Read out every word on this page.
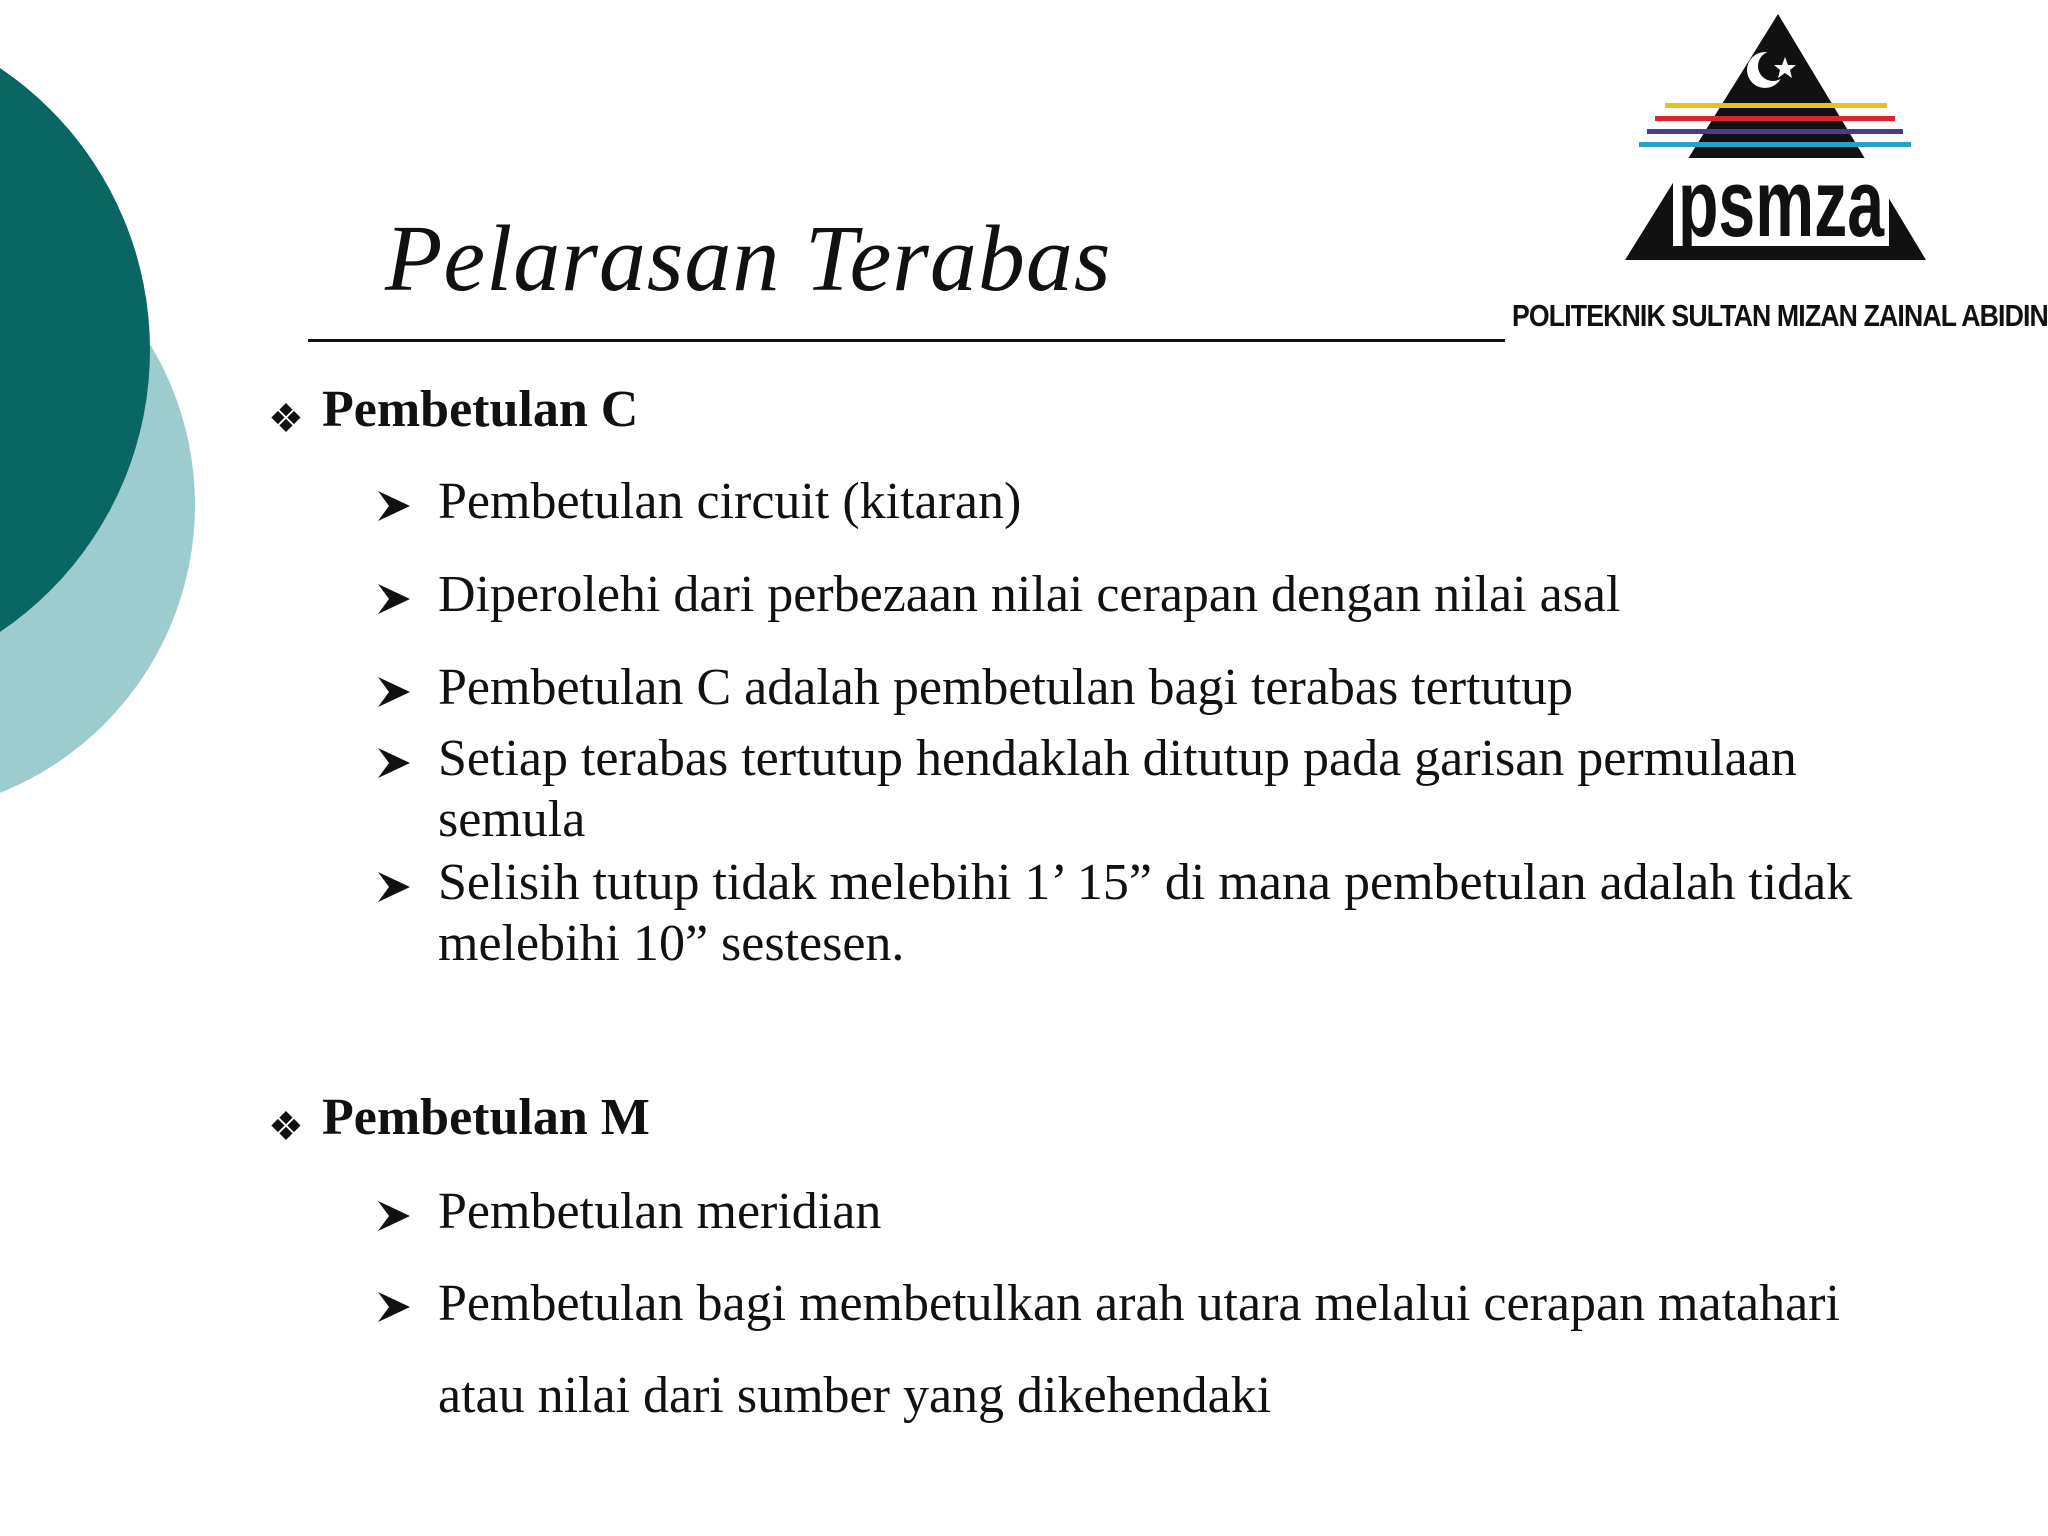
psmza
POLITEKNIK SULTAN MIZAN ZAINAL ABIDIN
Pelarasan Terabas
❖ Pembetulan C
Pembetulan circuit (kitaran)
Diperolehi dari perbezaan nilai cerapan dengan nilai asal
Pembetulan C adalah pembetulan bagi terabas tertutup
Setiap terabas tertutup hendaklah ditutup pada garisan permulaan semula
Selisih tutup tidak melebihi 1’ 15” di mana pembetulan adalah tidak melebihi 10” sestesen.
❖ Pembetulan M
Pembetulan meridian
Pembetulan bagi membetulkan arah utara melalui cerapan matahari atau nilai dari sumber yang dikehendaki
